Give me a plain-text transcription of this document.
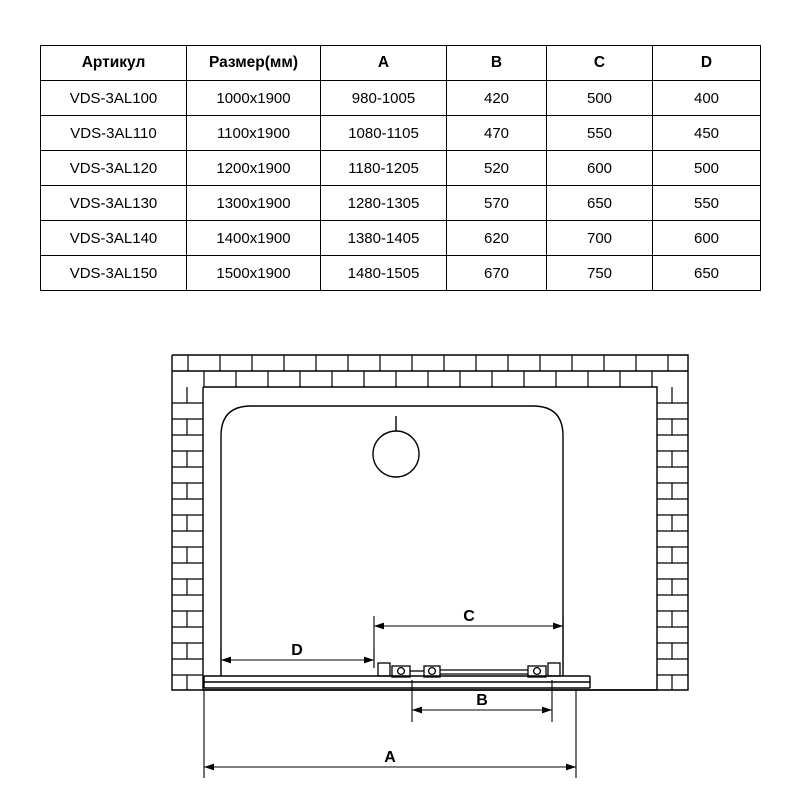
Артикул	Размер(мм)	A	B	C	D
VDS-3AL100	1000x1900	980-1005	420	500	400
VDS-3AL110	1100x1900	1080-1105	470	550	450
VDS-3AL120	1200x1900	1180-1205	520	600	500
VDS-3AL130	1300x1900	1280-1305	570	650	550
VDS-3AL140	1400x1900	1380-1405	620	700	600
VDS-3AL150	1500x1900	1480-1505	670	750	650
C
D
B
A
